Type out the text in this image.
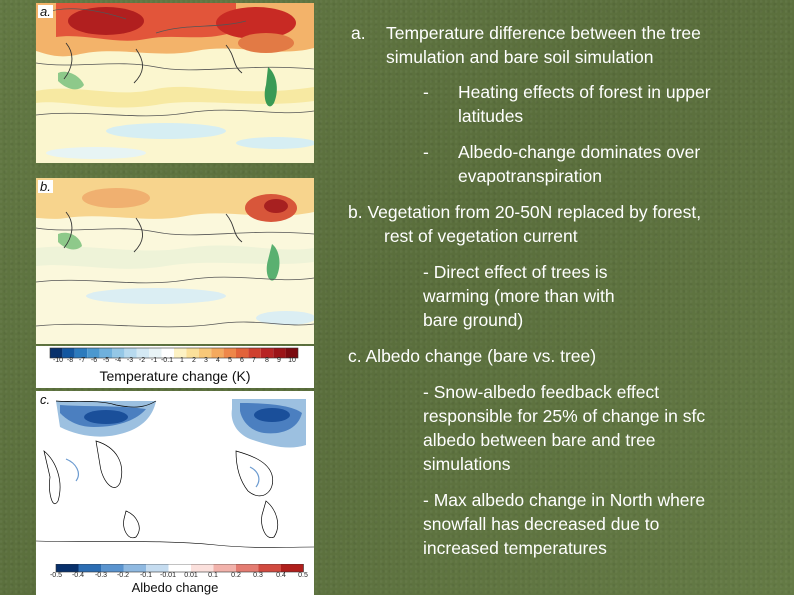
a.
b.
-10 -8 -7 -6 -5 -4 -3 -2 -1 -0.1 1 2 3 4 5 6 7 8 9 10
Temperature change (K)
c.
-0.5 -0.4 -0.3 -0.2 -0.1 -0.01 0.01 0.1 0.2 0.3 0.4 0.5
Albedo change
a. Temperature difference between the tree
simulation and bare soil simulation
- Heating effects of forest in upper
latitudes
- Albedo-change dominates over
evapotranspiration
b. Vegetation from 20-50N replaced by forest,
rest of vegetation current
- Direct effect of trees is
warming (more than with
bare ground)
c. Albedo change (bare vs. tree)
- Snow-albedo feedback effect
responsible for 25% of change in sfc
albedo between bare and tree
simulations
- Max albedo change in North where
snowfall has decreased due to
increased temperatures
